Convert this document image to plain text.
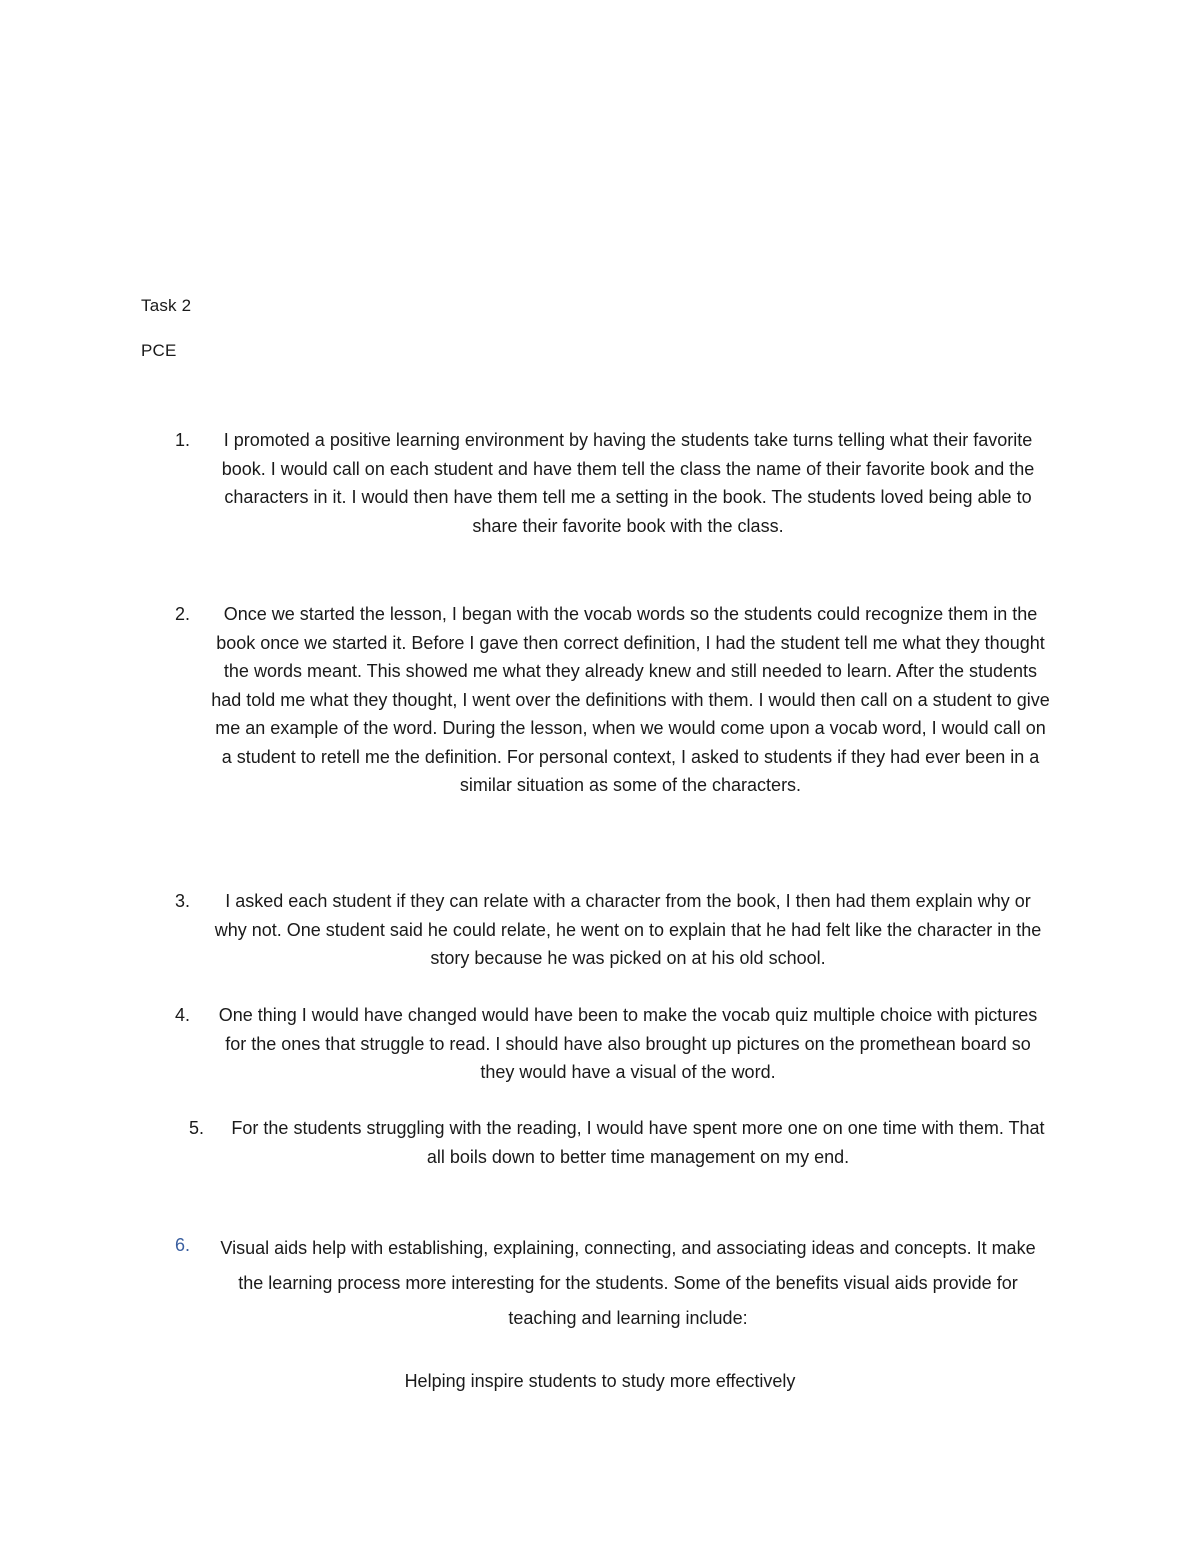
Task 2
PCE
1.	I promoted a positive learning environment by having the students take turns telling what their favorite book. I would call on each student and have them tell the class the name of their favorite book and the characters in it. I would then have them tell me a setting in the book. The students loved being able to share their favorite book with the class.
2.	Once we started the lesson, I began with the vocab words so the students could recognize them in the book once we started it. Before I gave then correct definition, I had the student tell me what they thought the words meant. This showed me what they already knew and still needed to learn. After the students had told me what they thought, I went over the definitions with them. I would then call on a student to give me an example of the word. During the lesson, when we would come upon a vocab word, I would call on a student to retell me the definition. For personal context, I asked to students if they had ever been in a similar situation as some of the characters.
3.	I asked each student if they can relate with a character from the book, I then had them explain why or why not. One student said he could relate, he went on to explain that he had felt like the character in the story because he was picked on at his old school.
4.	One thing I would have changed would have been to make the vocab quiz multiple choice with pictures for the ones that struggle to read. I should have also brought up pictures on the promethean board so they would have a visual of the word.
5. For the students struggling with the reading, I would have spent more one on one time with them. That all boils down to better time management on my end.
6.	Visual aids help with establishing, explaining, connecting, and associating ideas and concepts. It make the learning process more interesting for the students. Some of the benefits visual aids provide for teaching and learning include:
Helping inspire students to study more effectively
